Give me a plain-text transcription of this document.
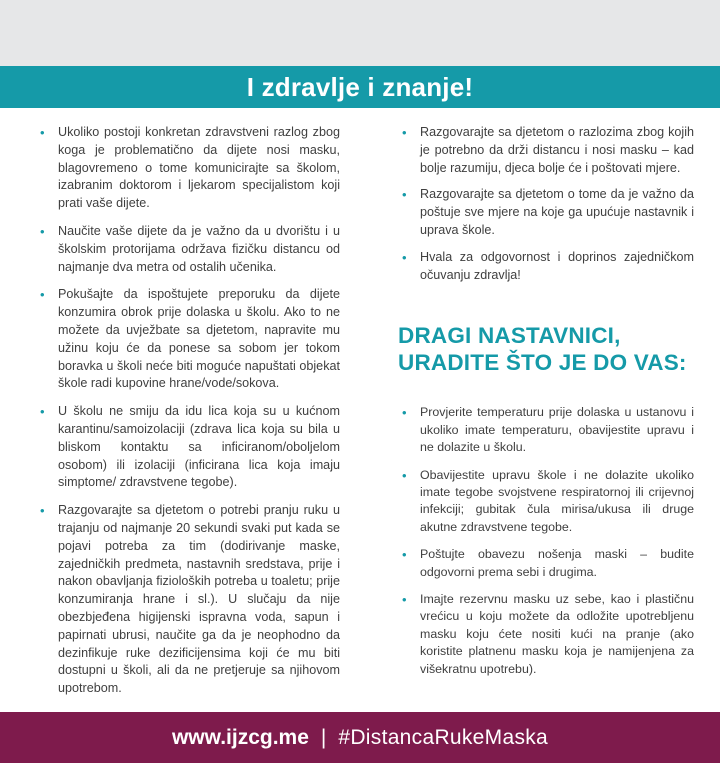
I zdravlje i znanje!
• Ukoliko postoji konkretan zdravstveni razlog zbog koga je problematično da dijete nosi masku, blagovremeno o tome komunicirajte sa školom, izabranim doktorom i ljekarom specijalistom koji prati vaše dijete.
• Naučite vaše dijete da je važno da u dvorištu i u školskim protorijama održava fizičku distancu od najmanje dva metra od ostalih učenika.
• Pokušajte da ispoštujete preporuku da dijete konzumira obrok prije dolaska u školu. Ako to ne možete da uvježbate sa djetetom, napravite mu užinu koju će da ponese sa sobom jer tokom boravka u školi neće biti moguće napuštati objekat škole radi kupovine hrane/vode/sokova.
• U školu ne smiju da idu lica koja su u kućnom karantinu/samoizolaciji (zdrava lica koja su bila u bliskom kontaktu sa inficiranom/oboljelom osobom) ili izolaciji (inficirana lica koja imaju simptome/ zdravstvene tegobe).
• Razgovarajte sa djetetom o potrebi pranju ruku u trajanju od najmanje 20 sekundi svaki put kada se pojavi potreba za tim (dodirivanje maske, zajedničkih predmeta, nastavnih sredstava, prije i nakon obavljanja fizioloških potreba u toaletu; prije konzumiranja hrane i sl.). U slučaju da nije obezbjeđena higijenski ispravna voda, sapun i papirnati ubrusi, naučite ga da je neophodno da dezinfikuje ruke dezificijensima koji će mu biti dostupni u školi, ali da ne pretjeruje sa njihovom upotrebom.
• Razgovarajte sa djetetom o razlozima zbog kojih je potrebno da drži distancu i nosi masku – kad bolje razumiju, djeca bolje će i poštovati mjere.
• Razgovarajte sa djetetom o tome da je važno da poštuje sve mjere na koje ga upućuje nastavnik i uprava škole.
• Hvala za odgovornost i doprinos zajedničkom očuvanju zdravlja!
DRAGI NASTAVNICI,
URADITE ŠTO JE DO VAS:
• Provjerite temperaturu prije dolaska u ustanovu i ukoliko imate temperaturu, obavijestite upravu i ne dolazite u školu.
• Obavijestite upravu škole i ne dolazite ukoliko imate tegobe svojstvene respiratornoj ili crijevnoj infekciji; gubitak čula mirisa/ukusa ili druge akutne zdravstvene tegobe.
• Poštujte obavezu nošenja maski – budite odgovorni prema sebi i drugima.
• Imajte rezervnu masku uz sebe, kao i plastičnu vrećicu u koju možete da odložite upotrebljenu masku koju ćete nositi kući na pranje (ako koristite platnenu masku koja je namijenjena za višekratnu upotrebu).
www.ijzcg.me | #DistancaRukeMaska
